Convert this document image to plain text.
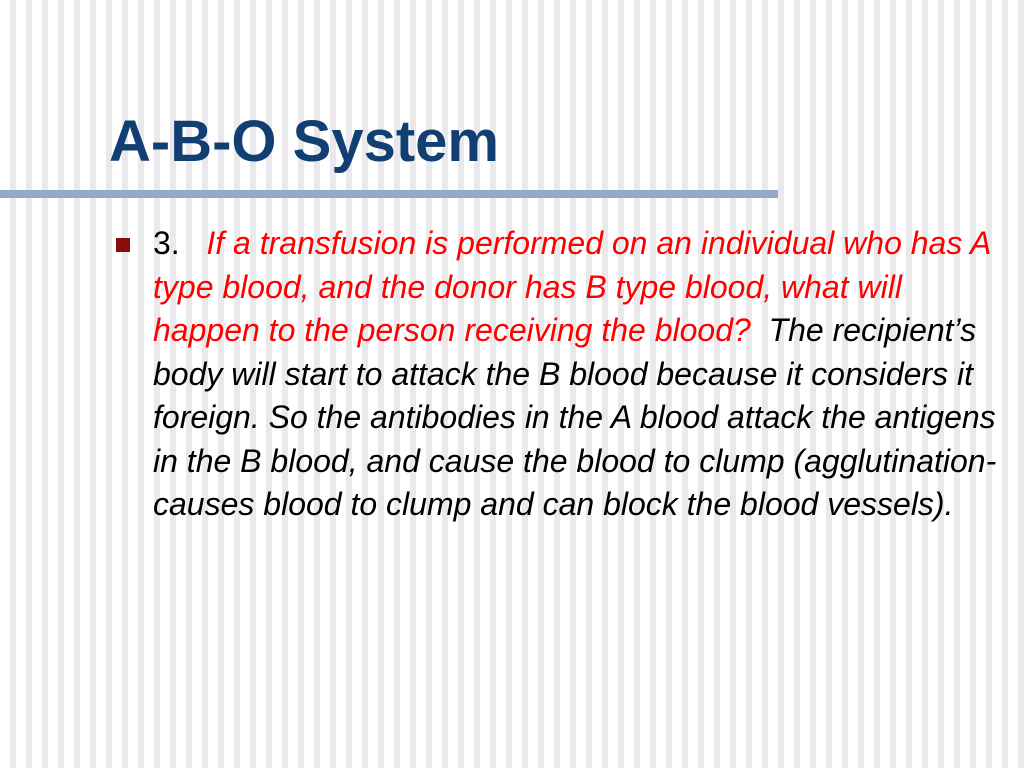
A-B-O System

3. If a transfusion is performed on an individual who has A type blood, and the donor has B type blood, what will happen to the person receiving the blood? The recipient’s body will start to attack the B blood because it considers it foreign. So the antibodies in the A blood attack the antigens in the B blood, and cause the blood to clump (agglutination-causes blood to clump and can block the blood vessels).
